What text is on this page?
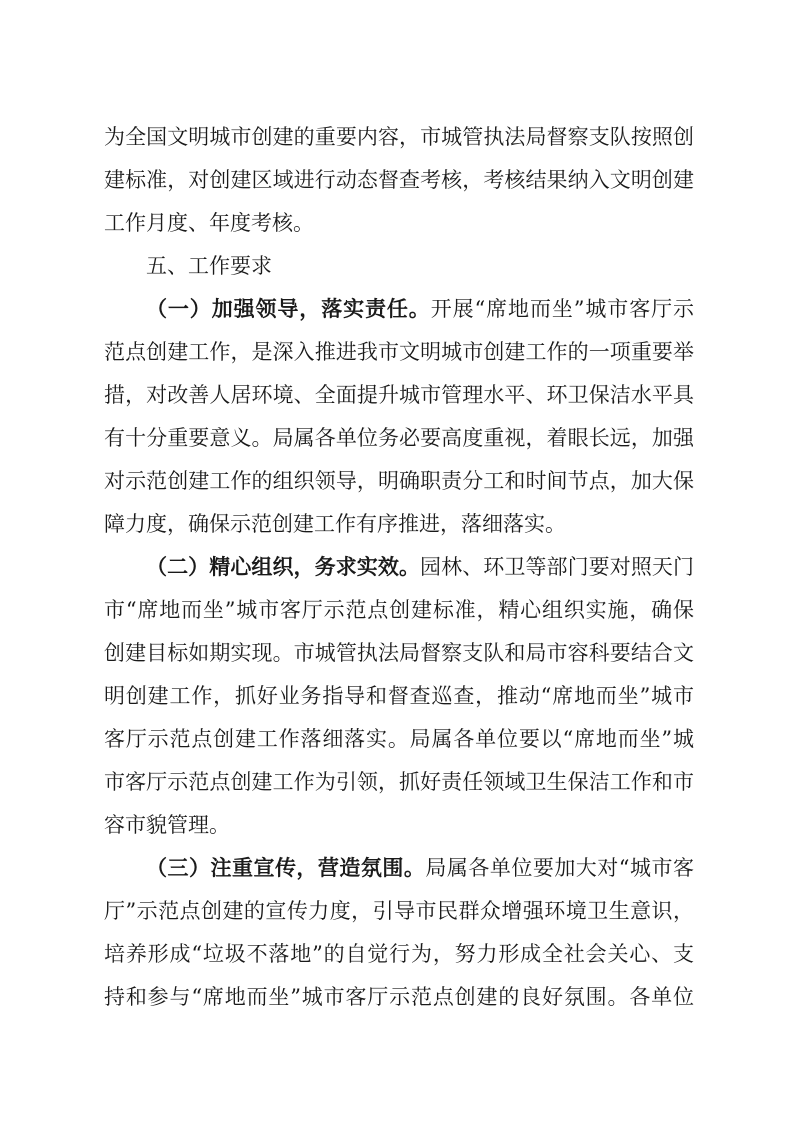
为全国文明城市创建的重要内容，市城管执法局督察支队按照创
建标准，对创建区域进行动态督查考核，考核结果纳入文明创建
工作月度、年度考核。
五、工作要求
（一）加强领导，落实责任。开展“席地而坐”城市客厅示
范点创建工作，是深入推进我市文明城市创建工作的一项重要举
措，对改善人居环境、全面提升城市管理水平、环卫保洁水平具
有十分重要意义。局属各单位务必要高度重视，着眼长远，加强
对示范创建工作的组织领导，明确职责分工和时间节点，加大保
障力度，确保示范创建工作有序推进，落细落实。
（二）精心组织，务求实效。园林、环卫等部门要对照天门
市“席地而坐”城市客厅示范点创建标准，精心组织实施，确保
创建目标如期实现。市城管执法局督察支队和局市容科要结合文
明创建工作，抓好业务指导和督查巡查，推动“席地而坐”城市
客厅示范点创建工作落细落实。局属各单位要以“席地而坐”城
市客厅示范点创建工作为引领，抓好责任领域卫生保洁工作和市
容市貌管理。
（三）注重宣传，营造氛围。局属各单位要加大对“城市客
厅”示范点创建的宣传力度，引导市民群众增强环境卫生意识，
培养形成“垃圾不落地”的自觉行为，努力形成全社会关心、支
持和参与“席地而坐”城市客厅示范点创建的良好氛围。各单位
